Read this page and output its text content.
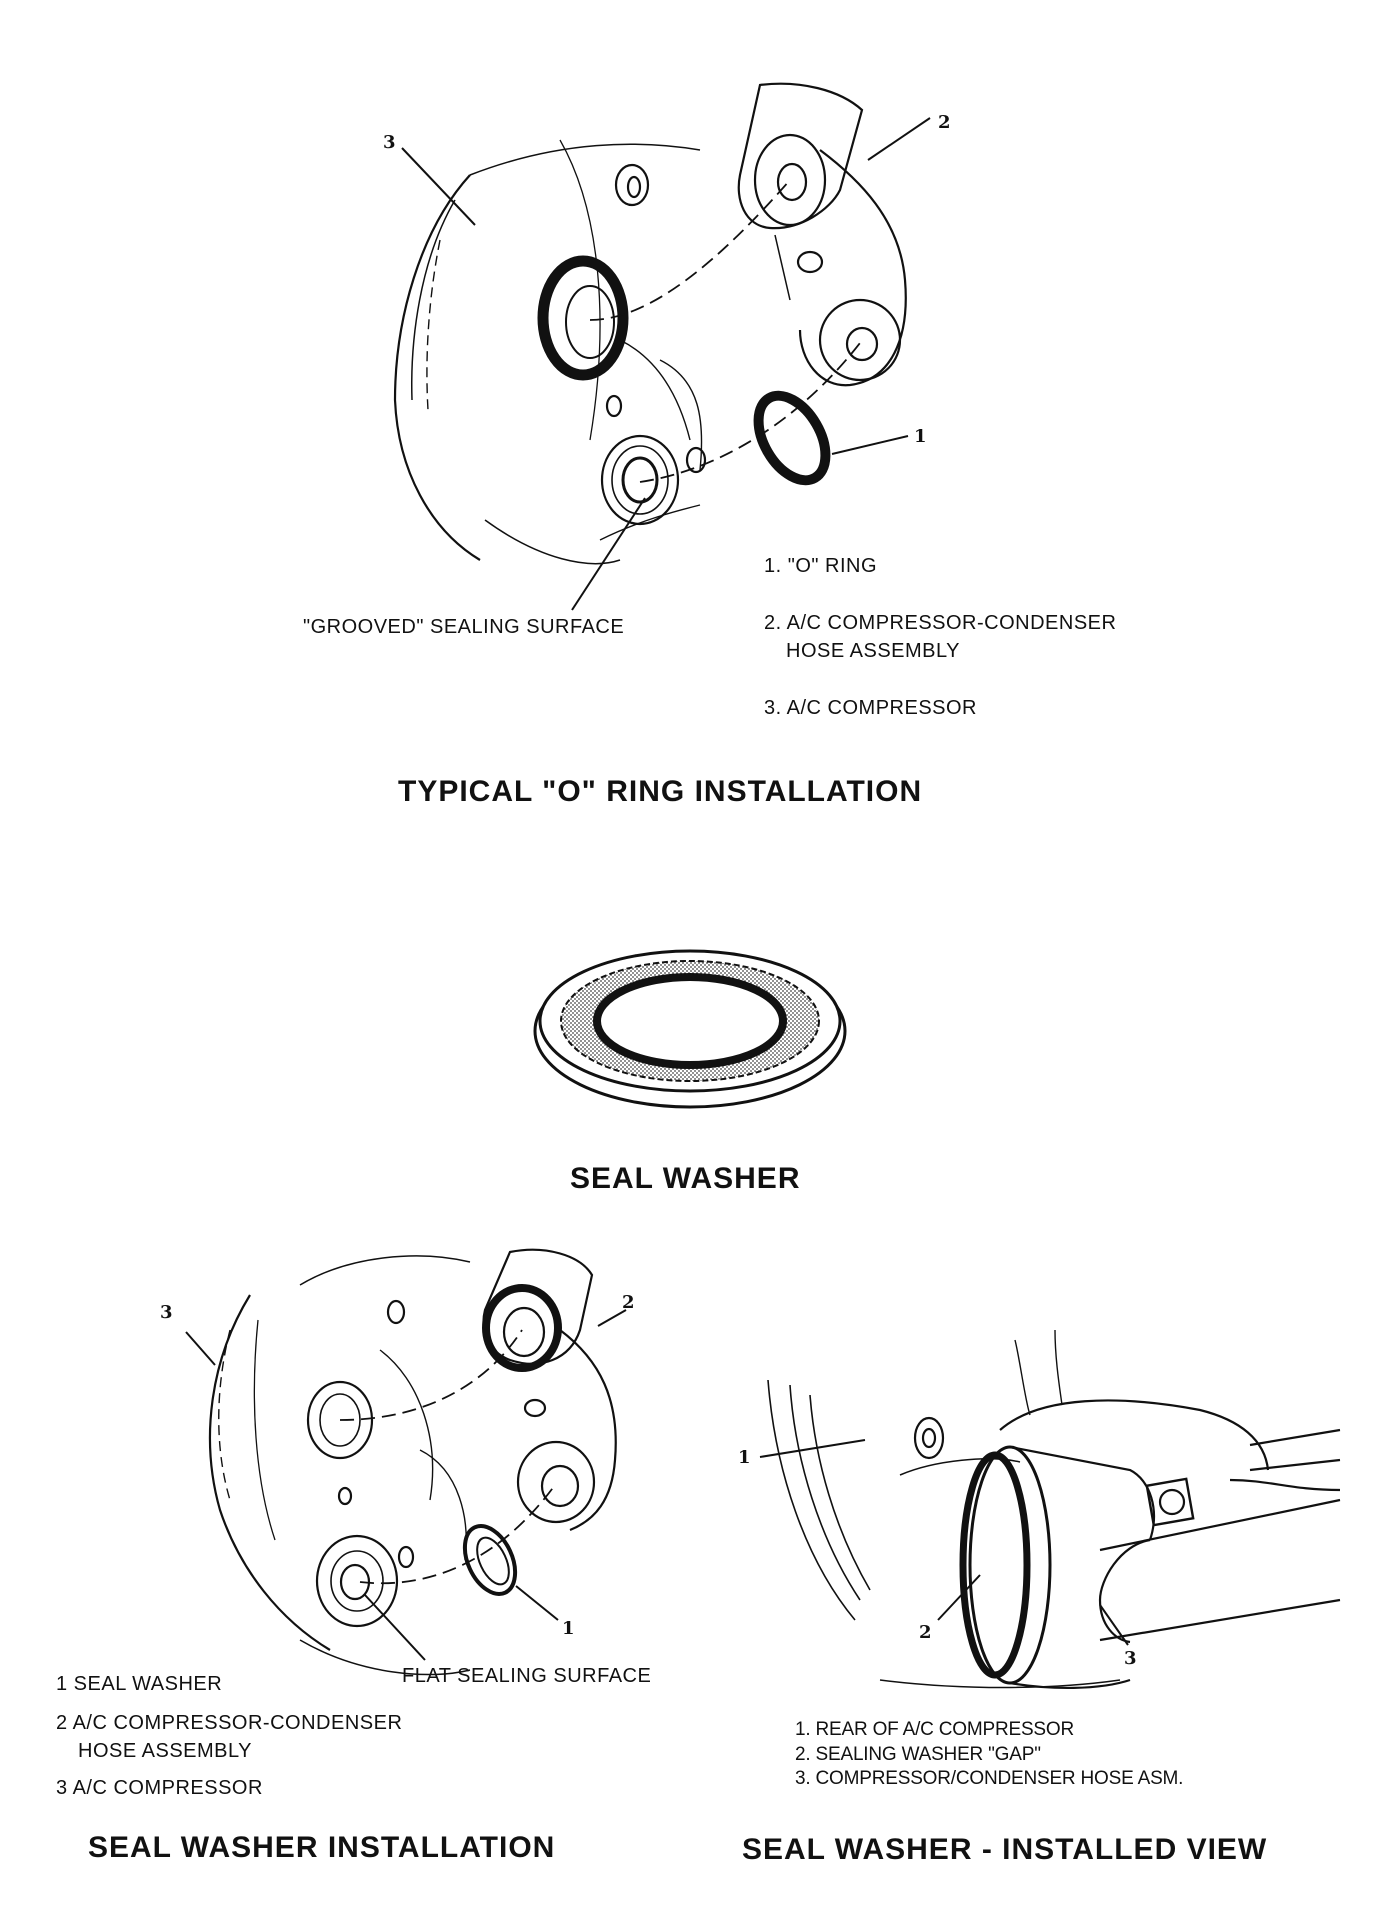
3
2
1
"GROOVED" SEALING SURFACE
1. "O" RING
2. A/C COMPRESSOR-CONDENSER
HOSE ASSEMBLY
3. A/C COMPRESSOR
TYPICAL "O" RING INSTALLATION
SEAL WASHER
3	2
1
FLAT SEALING SURFACE
1 SEAL WASHER
2 A/C COMPRESSOR-CONDENSER
HOSE ASSEMBLY
3 A/C COMPRESSOR
SEAL WASHER INSTALLATION
1
2
3
1. REAR OF A/C COMPRESSOR
2. SEALING WASHER "GAP"
3. COMPRESSOR/CONDENSER HOSE ASM.
SEAL WASHER - INSTALLED VIEW
